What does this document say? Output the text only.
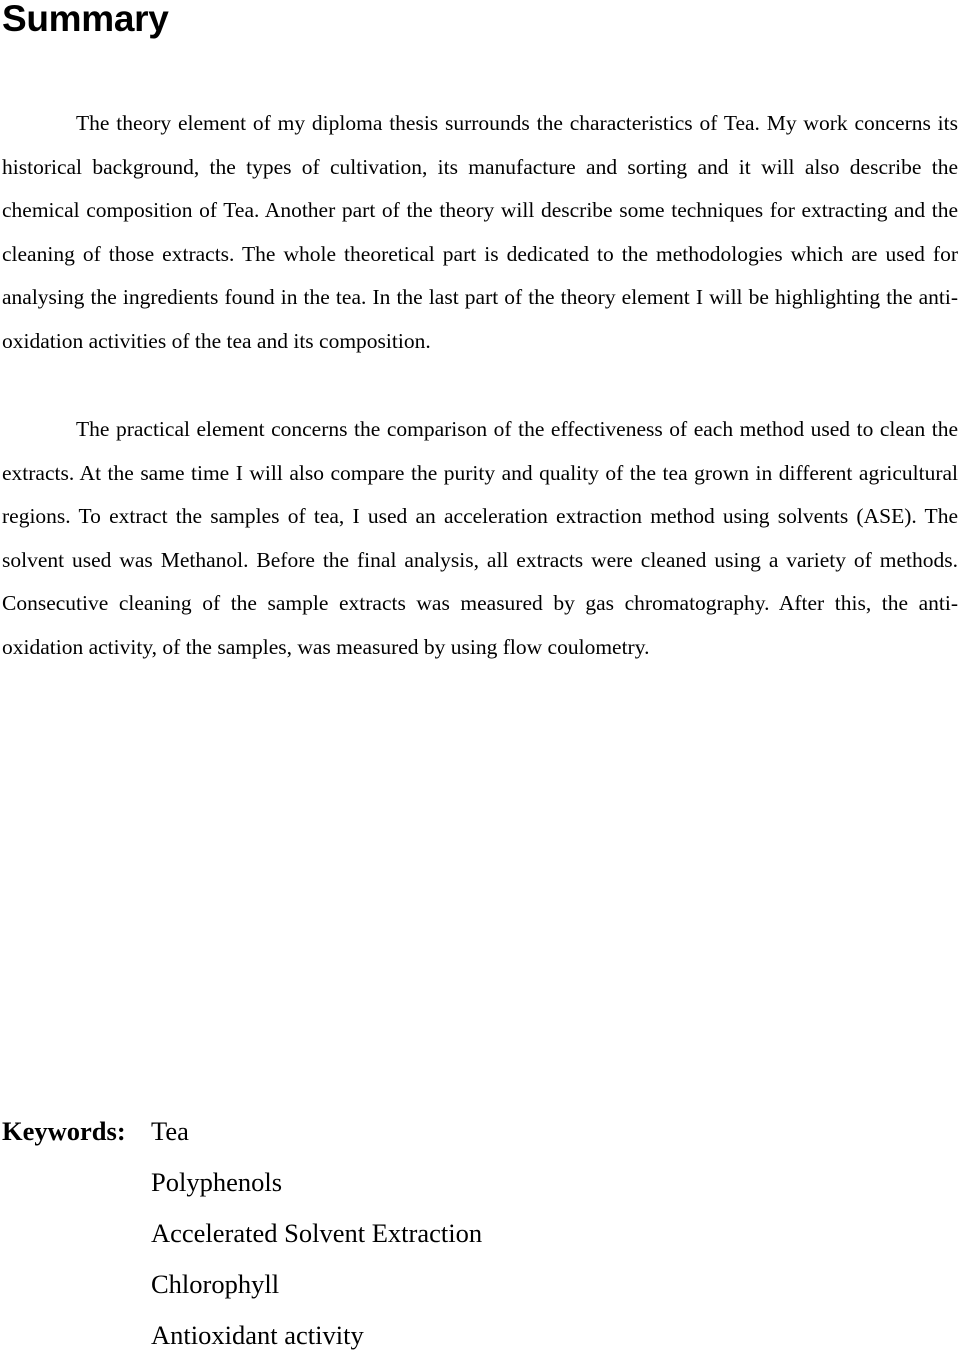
Summary

The theory element of my diploma thesis surrounds the characteristics of Tea. My work concerns its historical background, the types of cultivation, its manufacture and sorting and it will also describe the chemical composition of Tea. Another part of the theory will describe some techniques for extracting and the cleaning of those extracts. The whole theoretical part is dedicated to the methodologies which are used for analysing the ingredients found in the tea. In the last part of the theory element I will be highlighting the anti-oxidation activities of the tea and its composition.

The practical element concerns the comparison of the effectiveness of each method used to clean the extracts. At the same time I will also compare the purity and quality of the tea grown in different agricultural regions. To extract the samples of tea, I used an acceleration extraction method using solvents (ASE). The solvent used was Methanol. Before the final analysis, all extracts were cleaned using a variety of methods. Consecutive cleaning of the sample extracts was measured by gas chromatography. After this, the anti-oxidation activity, of the samples, was measured by using flow coulometry.

Keywords: Tea
Polyphenols
Accelerated Solvent Extraction
Chlorophyll
Antioxidant activity
